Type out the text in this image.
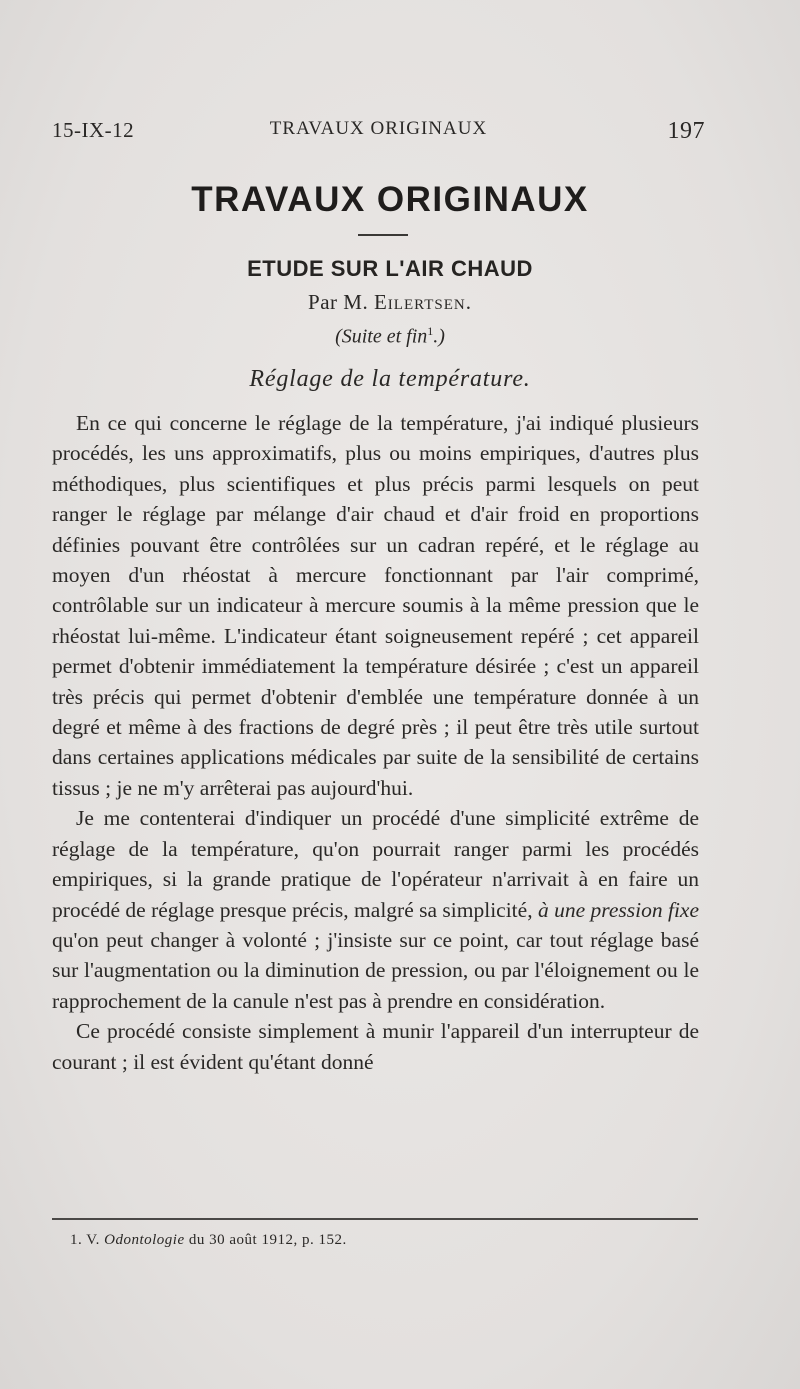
15-IX-12	TRAVAUX ORIGINAUX	197
TRAVAUX ORIGINAUX
ETUDE SUR L'AIR CHAUD
Par M. Eilertsen.
(Suite et fin$^1$.)
Réglage de la température.

En ce qui concerne le réglage de la température, j'ai indiqué plusieurs procédés, les uns approximatifs, plus ou moins empiriques, d'autres plus méthodiques, plus scientifiques et plus précis parmi lesquels on peut ranger le réglage par mélange d'air chaud et d'air froid en proportions définies pouvant être contrôlées sur un cadran repéré, et le réglage au moyen d'un rhéostat à mercure fonctionnant par l'air comprimé, contrôlable sur un indicateur à mercure soumis à la même pression que le rhéostat lui-même. L'indicateur étant soigneusement repéré ; cet appareil permet d'obtenir immédiatement la température désirée ; c'est un appareil très précis qui permet d'obtenir d'emblée une température donnée à un degré et même à des fractions de degré près ; il peut être très utile surtout dans certaines applications médicales par suite de la sensibilité de certains tissus ; je ne m'y arrêterai pas aujourd'hui.

Je me contenterai d'indiquer un procédé d'une simplicité extrême de réglage de la température, qu'on pourrait ranger parmi les procédés empiriques, si la grande pratique de l'opérateur n'arrivait à en faire un procédé de réglage presque précis, malgré sa simplicité, à une pression fixe qu'on peut changer à volonté ; j'insiste sur ce point, car tout réglage basé sur l'augmentation ou la diminution de pression, ou par l'éloignement ou le rapprochement de la canule n'est pas à prendre en considération.

Ce procédé consiste simplement à munir l'appareil d'un interrupteur de courant ; il est évident qu'étant donné

1. V. Odontologie du 30 août 1912, p. 152.
